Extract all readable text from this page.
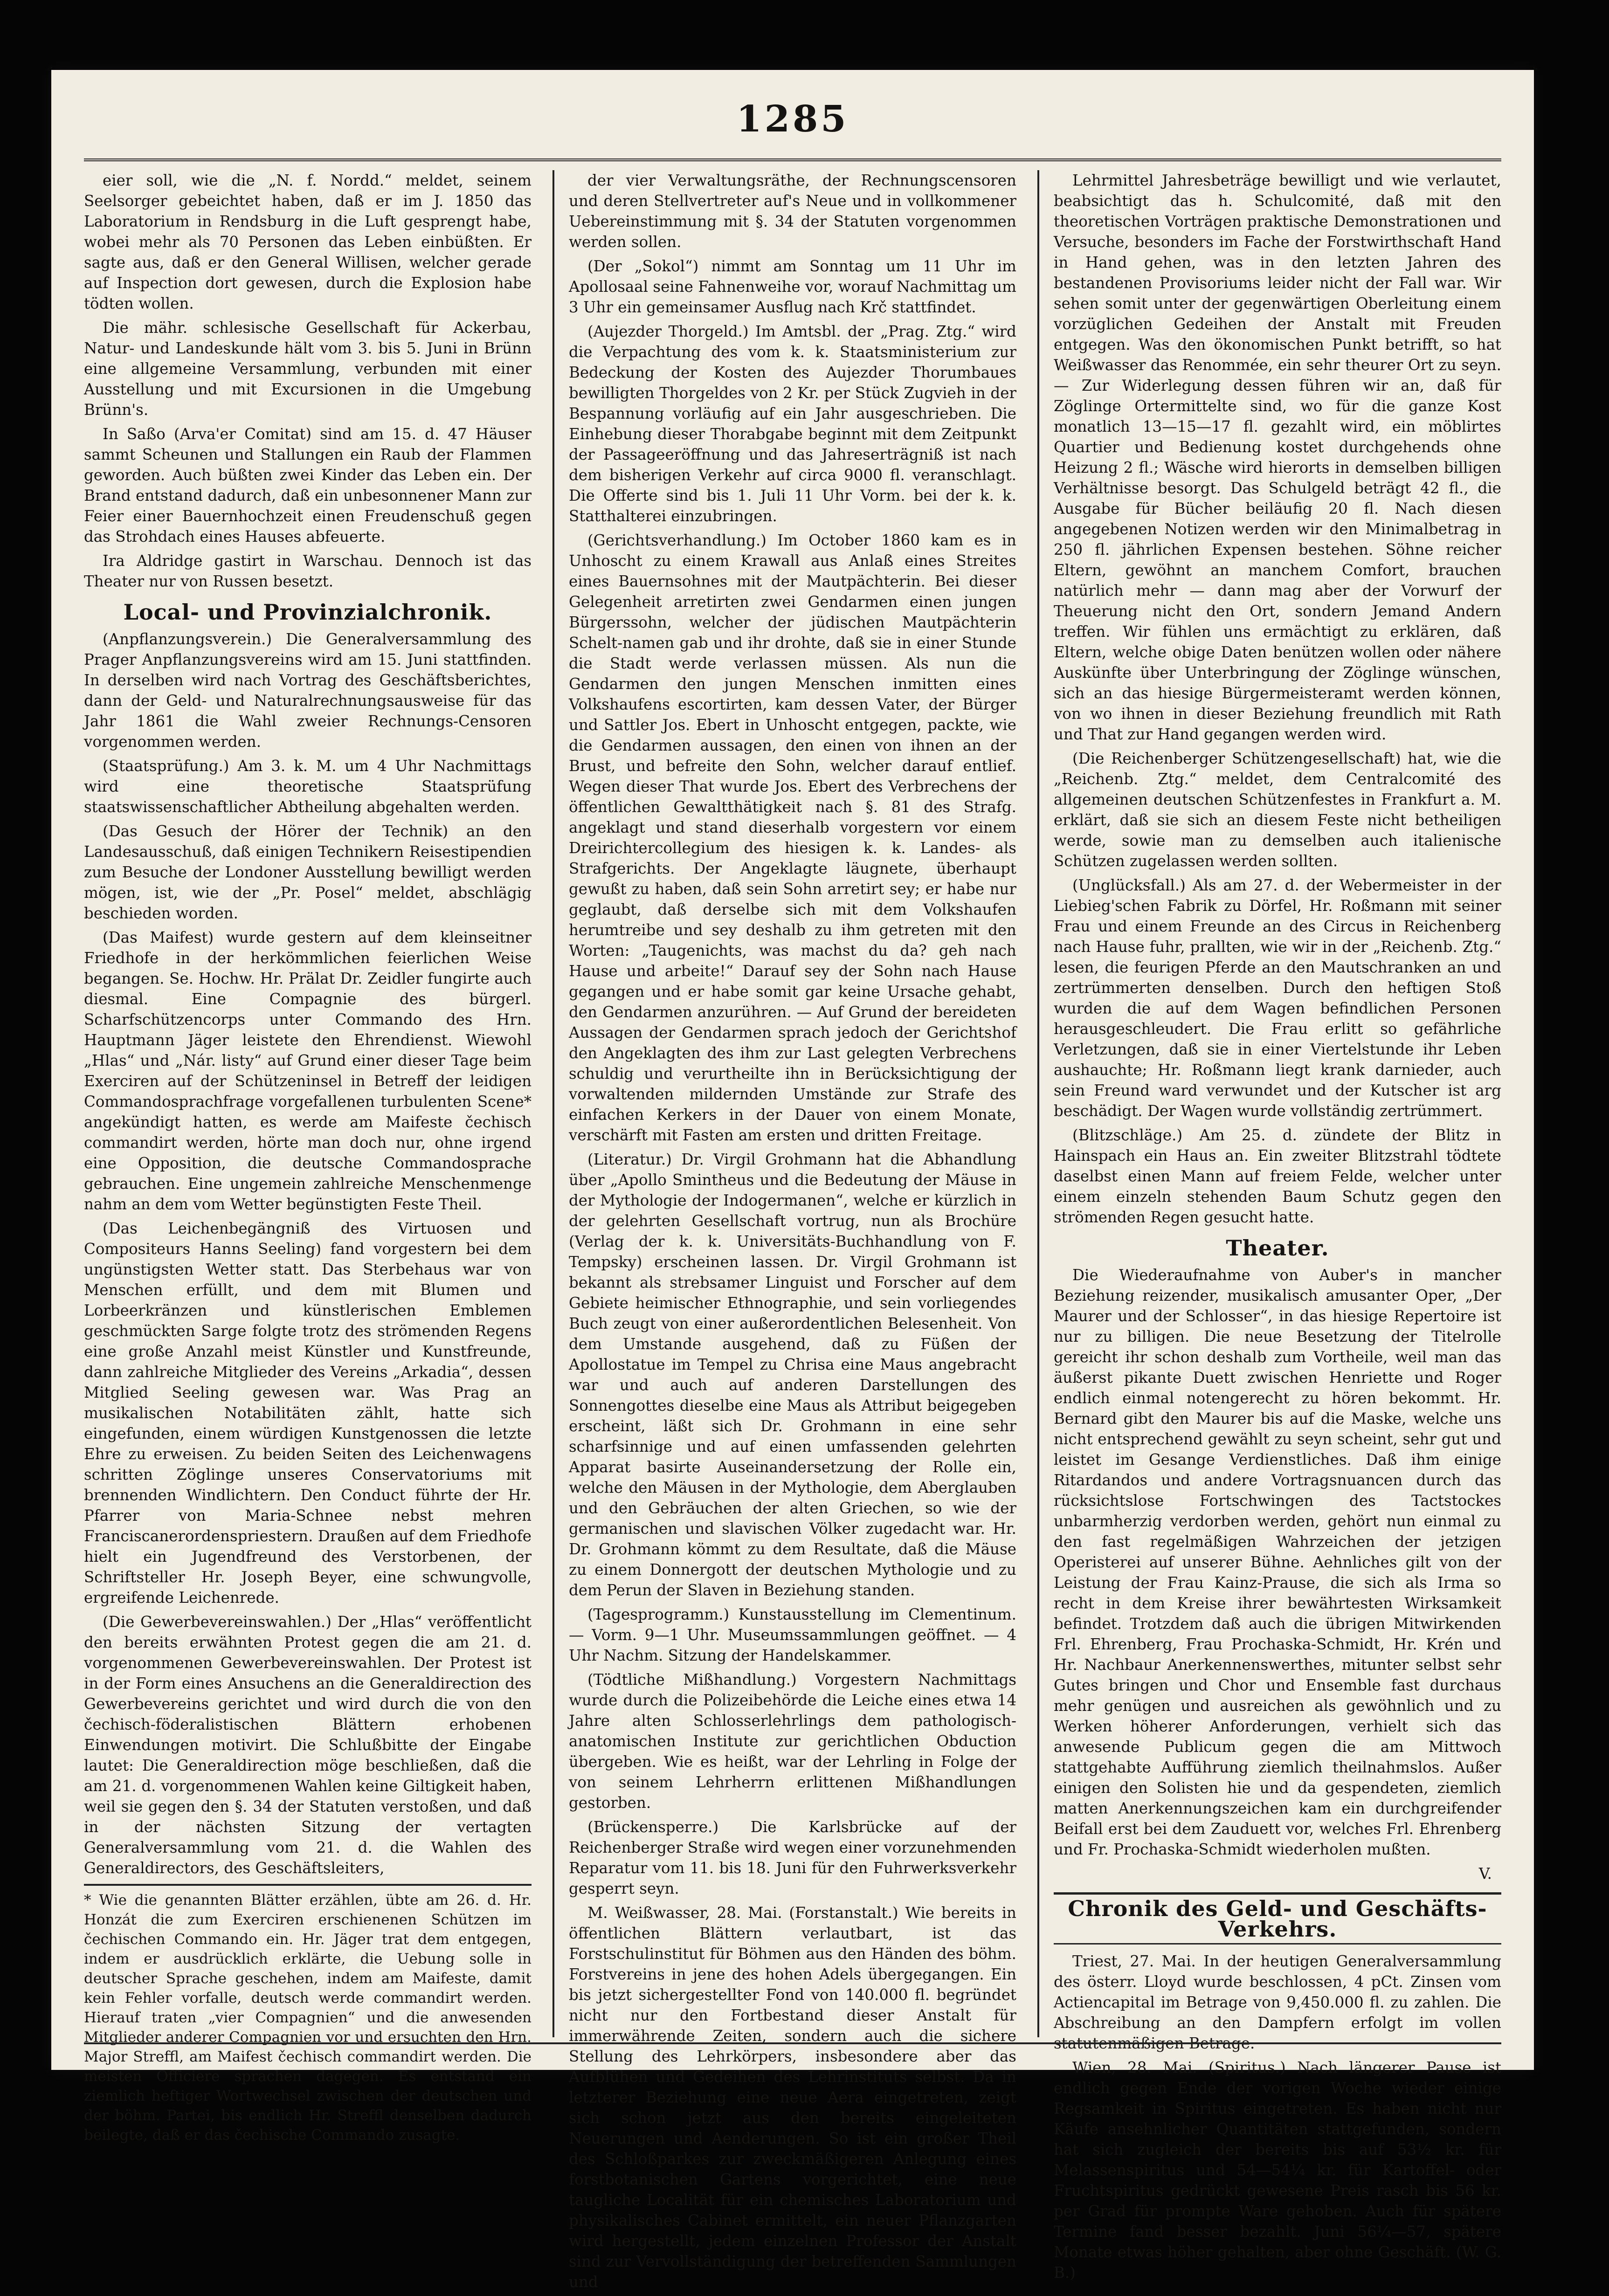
1285

eier soll, wie die „N. f. Nordd.“ meldet, seinem Seelsorger gebeichtet haben, daß er im J. 1850 das Laboratorium in Rendsburg in die Luft gesprengt habe, wobei mehr als 70 Personen das Leben einbüßten. Er sagte aus, daß er den General Willisen, welcher gerade auf Inspection dort gewesen, durch die Explosion habe tödten wollen.

Die mähr. schlesische Gesellschaft für Ackerbau, Natur- und Landeskunde hält vom 3. bis 5. Juni in Brünn eine allgemeine Versammlung, verbunden mit einer Ausstellung und mit Excursionen in die Umgebung Brünn's.

In Saßo (Arva'er Comitat) sind am 15. d. 47 Häuser sammt Scheunen und Stallungen ein Raub der Flammen geworden. Auch büßten zwei Kinder das Leben ein. Der Brand entstand dadurch, daß ein unbesonnener Mann zur Feier einer Bauernhochzeit einen Freudenschuß gegen das Strohdach eines Hauses abfeuerte.

Ira Aldridge gastirt in Warschau. Dennoch ist das Theater nur von Russen besetzt.

Local- und Provinzialchronik.

(Anpflanzungsverein.) Die Generalversammlung des Prager Anpflanzungsvereins wird am 15. Juni stattfinden. In derselben wird nach Vortrag des Geschäftsberichtes, dann der Geld- und Naturalrechnungsausweise für das Jahr 1861 die Wahl zweier Rechnungs-Censoren vorgenommen werden.

(Staatsprüfung.) Am 3. k. M. um 4 Uhr Nachmittags wird eine theoretische Staatsprüfung staatswissenschaftlicher Abtheilung abgehalten werden.

(Das Gesuch der Hörer der Technik) an den Landesausschuß, daß einigen Technikern Reisestipendien zum Besuche der Londoner Ausstellung bewilligt werden mögen, ist, wie der „Pr. Posel“ meldet, abschlägig beschieden worden.

(Das Maifest) wurde gestern auf dem kleinseitner Friedhofe in der herkömmlichen feierlichen Weise begangen. Se. Hochw. Hr. Prälat Dr. Zeidler fungirte auch diesmal. Eine Compagnie des bürgerl. Scharfschützencorps unter Commando des Hrn. Hauptmann Jäger leistete den Ehrendienst. Wiewohl „Hlas“ und „Nár. listy“ auf Grund einer dieser Tage beim Exerciren auf der Schützeninsel in Betreff der leidigen Commandosprachfrage vorgefallenen turbulenten Scene* angekündigt hatten, es werde am Maifeste čechisch commandirt werden, hörte man doch nur, ohne irgend eine Opposition, die deutsche Commandosprache gebrauchen. Eine ungemein zahlreiche Menschenmenge nahm an dem vom Wetter begünstigten Feste Theil.

(Das Leichenbegängniß des Virtuosen und Compositeurs Hanns Seeling) fand vorgestern bei dem ungünstigsten Wetter statt. Das Sterbehaus war von Menschen erfüllt, und dem mit Blumen und Lorbeerkränzen und künstlerischen Emblemen geschmückten Sarge folgte trotz des strömenden Regens eine große Anzahl meist Künstler und Kunstfreunde, dann zahlreiche Mitglieder des Vereins „Arkadia“, dessen Mitglied Seeling gewesen war. Was Prag an musikalischen Notabilitäten zählt, hatte sich eingefunden, einem würdigen Kunstgenossen die letzte Ehre zu erweisen. Zu beiden Seiten des Leichenwagens schritten Zöglinge unseres Conservatoriums mit brennenden Windlichtern. Den Conduct führte der Hr. Pfarrer von Maria-Schnee nebst mehren Franciscanerordenspriestern. Draußen auf dem Friedhofe hielt ein Jugendfreund des Verstorbenen, der Schriftsteller Hr. Joseph Beyer, eine schwungvolle, ergreifende Leichenrede.

(Die Gewerbevereinswahlen.) Der „Hlas“ veröffentlicht den bereits erwähnten Protest gegen die am 21. d. vorgenommenen Gewerbevereinswahlen. Der Protest ist in der Form eines Ansuchens an die Generaldirection des Gewerbevereins gerichtet und wird durch die von den čechisch-föderalistischen Blättern erhobenen Einwendungen motivirt. Die Schlußbitte der Eingabe lautet: Die Generaldirection möge beschließen, daß die am 21. d. vorgenommenen Wahlen keine Giltigkeit haben, weil sie gegen den §. 34 der Statuten verstoßen, und daß in der nächsten Sitzung der vertagten Generalversammlung vom 21. d. die Wahlen des Generaldirectors, des Geschäftsleiters,

* Wie die genannten Blätter erzählen, übte am 26. d. Hr. Honzát die zum Exerciren erschienenen Schützen im čechischen Commando ein. Hr. Jäger trat dem entgegen, indem er ausdrücklich erklärte, die Uebung solle in deutscher Sprache geschehen, indem am Maifeste, damit kein Fehler vorfalle, deutsch werde commandirt werden. Hierauf traten „vier Compagnien“ und die anwesenden Mitglieder anderer Compagnien vor und ersuchten den Hrn. Major Streffl, am Maifest čechisch commandirt werden. Die meisten Officiere sprachen dagegen. Es entstand ein ziemlich heftiger Wortwechsel zwischen der deutschen und der böhm. Partei, bis endlich Hr. Streffl denselben dadurch beilegte, daß er das čechische Commando zusagte.

der vier Verwaltungsräthe, der Rechnungscensoren und deren Stellvertreter auf's Neue und in vollkommener Uebereinstimmung mit §. 34 der Statuten vorgenommen werden sollen.

(Der „Sokol“) nimmt am Sonntag um 11 Uhr im Apollosaal seine Fahnenweihe vor, worauf Nachmittag um 3 Uhr ein gemeinsamer Ausflug nach Krč stattfindet.

(Aujezder Thorgeld.) Im Amtsbl. der „Prag. Ztg.“ wird die Verpachtung des vom k. k. Staatsministerium zur Bedeckung der Kosten des Aujezder Thorumbaues bewilligten Thorgeldes von 2 Kr. per Stück Zugvieh in der Bespannung vorläufig auf ein Jahr ausgeschrieben. Die Einhebung dieser Thorabgabe beginnt mit dem Zeitpunkt der Passageeröffnung und das Jahreserträgniß ist nach dem bisherigen Verkehr auf circa 9000 fl. veranschlagt. Die Offerte sind bis 1. Juli 11 Uhr Vorm. bei der k. k. Statthalterei einzubringen.

(Gerichtsverhandlung.) Im October 1860 kam es in Unhoscht zu einem Krawall aus Anlaß eines Streites eines Bauernsohnes mit der Mautpächterin. Bei dieser Gelegenheit arretirten zwei Gendarmen einen jungen Bürgerssohn, welcher der jüdischen Mautpächterin Schelt-namen gab und ihr drohte, daß sie in einer Stunde die Stadt werde verlassen müssen. Als nun die Gendarmen den jungen Menschen inmitten eines Volkshaufens escortirten, kam dessen Vater, der Bürger und Sattler Jos. Ebert in Unhoscht entgegen, packte, wie die Gendarmen aussagen, den einen von ihnen an der Brust, und befreite den Sohn, welcher darauf entlief. Wegen dieser That wurde Jos. Ebert des Verbrechens der öffentlichen Gewaltthätigkeit nach §. 81 des Strafg. angeklagt und stand dieserhalb vorgestern vor einem Dreirichtercollegium des hiesigen k. k. Landes- als Strafgerichts. Der Angeklagte läugnete, überhaupt gewußt zu haben, daß sein Sohn arretirt sey; er habe nur geglaubt, daß derselbe sich mit dem Volkshaufen herumtreibe und sey deshalb zu ihm getreten mit den Worten: „Taugenichts, was machst du da? geh nach Hause und arbeite!“ Darauf sey der Sohn nach Hause gegangen und er habe somit gar keine Ursache gehabt, den Gendarmen anzurühren. — Auf Grund der bereideten Aussagen der Gendarmen sprach jedoch der Gerichtshof den Angeklagten des ihm zur Last gelegten Verbrechens schuldig und verurtheilte ihn in Berücksichtigung der vorwaltenden mildernden Umstände zur Strafe des einfachen Kerkers in der Dauer von einem Monate, verschärft mit Fasten am ersten und dritten Freitage.

(Literatur.) Dr. Virgil Grohmann hat die Abhandlung über „Apollo Smintheus und die Bedeutung der Mäuse in der Mythologie der Indogermanen“, welche er kürzlich in der gelehrten Gesellschaft vortrug, nun als Brochüre (Verlag der k. k. Universitäts-Buchhandlung von F. Tempsky) erscheinen lassen. Dr. Virgil Grohmann ist bekannt als strebsamer Linguist und Forscher auf dem Gebiete heimischer Ethnographie, und sein vorliegendes Buch zeugt von einer außerordentlichen Belesenheit. Von dem Umstande ausgehend, daß zu Füßen der Apollostatue im Tempel zu Chrisa eine Maus angebracht war und auch auf anderen Darstellungen des Sonnengottes dieselbe eine Maus als Attribut beigegeben erscheint, läßt sich Dr. Grohmann in eine sehr scharfsinnige und auf einen umfassenden gelehrten Apparat basirte Auseinandersetzung der Rolle ein, welche den Mäusen in der Mythologie, dem Aberglauben und den Gebräuchen der alten Griechen, so wie der germanischen und slavischen Völker zugedacht war. Hr. Dr. Grohmann kömmt zu dem Resultate, daß die Mäuse zu einem Donnergott der deutschen Mythologie und zu dem Perun der Slaven in Beziehung standen.

(Tagesprogramm.) Kunstausstellung im Clementinum. — Vorm. 9—1 Uhr. Museumssammlungen geöffnet. — 4 Uhr Nachm. Sitzung der Handelskammer.

(Tödtliche Mißhandlung.) Vorgestern Nachmittags wurde durch die Polizeibehörde die Leiche eines etwa 14 Jahre alten Schlosserlehrlings dem pathologisch-anatomischen Institute zur gerichtlichen Obduction übergeben. Wie es heißt, war der Lehrling in Folge der von seinem Lehrherrn erlittenen Mißhandlungen gestorben.

(Brückensperre.) Die Karlsbrücke auf der Reichenberger Straße wird wegen einer vorzunehmenden Reparatur vom 11. bis 18. Juni für den Fuhrwerksverkehr gesperrt seyn.

M. Weißwasser, 28. Mai. (Forstanstalt.) Wie bereits in öffentlichen Blättern verlautbart, ist das Forstschulinstitut für Böhmen aus den Händen des böhm. Forstvereins in jene des hohen Adels übergegangen. Ein bis jetzt sichergestellter Fond von 140.000 fl. begründet nicht nur den Fortbestand dieser Anstalt für immerwährende Zeiten, sondern auch die sichere Stellung des Lehrkörpers, insbesondere aber das Aufblühen und Gedeihen des Lehrinstituts selbst. Da in letzterer Beziehung eine neue Aera eingetreten, zeigt sich schon jetzt aus den bereits eingeleiteten Neuerungen und Aenderungen. So ist ein großer Theil des Schloßparkes zur zweckmäßigeren Anlegung eines forstbotanischen Gartens vorgerichtet, eine neue taugliche Localität für ein chemisches Laboratorium und physikalisches Cabinet ermittelt, ein neuer Pflanzgarten wird hergestellt, jedem einzelnen Professor der Anstalt sind zur Vervollständigung der betreffenden Sammlungen und

Lehrmittel Jahresbeträge bewilligt und wie verlautet, beabsichtigt das h. Schulcomité, daß mit den theoretischen Vorträgen praktische Demonstrationen und Versuche, besonders im Fache der Forstwirthschaft Hand in Hand gehen, was in den letzten Jahren des bestandenen Provisoriums leider nicht der Fall war. Wir sehen somit unter der gegenwärtigen Oberleitung einem vorzüglichen Gedeihen der Anstalt mit Freuden entgegen. Was den ökonomischen Punkt betrifft, so hat Weißwasser das Renommée, ein sehr theurer Ort zu seyn. — Zur Widerlegung dessen führen wir an, daß für Zöglinge Ortermittelte sind, wo für die ganze Kost monatlich 13—15—17 fl. gezahlt wird, ein möblirtes Quartier und Bedienung kostet durchgehends ohne Heizung 2 fl.; Wäsche wird hierorts in demselben billigen Verhältnisse besorgt. Das Schulgeld beträgt 42 fl., die Ausgabe für Bücher beiläufig 20 fl. Nach diesen angegebenen Notizen werden wir den Minimalbetrag in 250 fl. jährlichen Expensen bestehen. Söhne reicher Eltern, gewöhnt an manchem Comfort, brauchen natürlich mehr — dann mag aber der Vorwurf der Theuerung nicht den Ort, sondern Jemand Andern treffen. Wir fühlen uns ermächtigt zu erklären, daß Eltern, welche obige Daten benützen wollen oder nähere Auskünfte über Unterbringung der Zöglinge wünschen, sich an das hiesige Bürgermeisteramt werden können, von wo ihnen in dieser Beziehung freundlich mit Rath und That zur Hand gegangen werden wird.

(Die Reichenberger Schützengesellschaft) hat, wie die „Reichenb. Ztg.“ meldet, dem Centralcomité des allgemeinen deutschen Schützenfestes in Frankfurt a. M. erklärt, daß sie sich an diesem Feste nicht betheiligen werde, sowie man zu demselben auch italienische Schützen zugelassen werden sollten.

(Unglücksfall.) Als am 27. d. der Webermeister in der Liebieg'schen Fabrik zu Dörfel, Hr. Roßmann mit seiner Frau und einem Freunde an des Circus in Reichenberg nach Hause fuhr, prallten, wie wir in der „Reichenb. Ztg.“ lesen, die feurigen Pferde an den Mautschranken an und zertrümmerten denselben. Durch den heftigen Stoß wurden die auf dem Wagen befindlichen Personen herausgeschleudert. Die Frau erlitt so gefährliche Verletzungen, daß sie in einer Viertelstunde ihr Leben aushauchte; Hr. Roßmann liegt krank darnieder, auch sein Freund ward verwundet und der Kutscher ist arg beschädigt. Der Wagen wurde vollständig zertrümmert.

(Blitzschläge.) Am 25. d. zündete der Blitz in Hainspach ein Haus an. Ein zweiter Blitzstrahl tödtete daselbst einen Mann auf freiem Felde, welcher unter einem einzeln stehenden Baum Schutz gegen den strömenden Regen gesucht hatte.

Theater.

Die Wiederaufnahme von Auber's in mancher Beziehung reizender, musikalisch amusanter Oper, „Der Maurer und der Schlosser“, in das hiesige Repertoire ist nur zu billigen. Die neue Besetzung der Titelrolle gereicht ihr schon deshalb zum Vortheile, weil man das äußerst pikante Duett zwischen Henriette und Roger endlich einmal notengerecht zu hören bekommt. Hr. Bernard gibt den Maurer bis auf die Maske, welche uns nicht entsprechend gewählt zu seyn scheint, sehr gut und leistet im Gesange Verdienstliches. Daß ihm einige Ritardandos und andere Vortragsnuancen durch das rücksichtslose Fortschwingen des Tactstockes unbarmherzig verdorben werden, gehört nun einmal zu den fast regelmäßigen Wahrzeichen der jetzigen Operisterei auf unserer Bühne. Aehnliches gilt von der Leistung der Frau Kainz-Prause, die sich als Irma so recht in dem Kreise ihrer bewährtesten Wirksamkeit befindet. Trotzdem daß auch die übrigen Mitwirkenden Frl. Ehrenberg, Frau Prochaska-Schmidt, Hr. Krén und Hr. Nachbaur Anerkennenswerthes, mitunter selbst sehr Gutes bringen und Chor und Ensemble fast durchaus mehr genügen und ausreichen als gewöhnlich und zu Werken höherer Anforderungen, verhielt sich das anwesende Publicum gegen die am Mittwoch stattgehabte Aufführung ziemlich theilnahmslos. Außer einigen den Solisten hie und da gespendeten, ziemlich matten Anerkennungszeichen kam ein durchgreifender Beifall erst bei dem Zauduett vor, welches Frl. Ehrenberg und Fr. Prochaska-Schmidt wiederholen mußten.

V.
Chronik des Geld- und Geschäfts-Verkehrs.

Triest, 27. Mai. In der heutigen Generalversammlung des österr. Lloyd wurde beschlossen, 4 pCt. Zinsen vom Actiencapital im Betrage von 9,450.000 fl. zu zahlen. Die Abschreibung an den Dampfern erfolgt im vollen statutenmäßigen Betrage.

Wien, 28. Mai. (Spiritus.) Nach längerer Pause ist endlich gegen Ende der vorigen Woche wieder einige Regsamkeit in Spiritus eingetreten. Es haben nicht nur Käufe ansehnlicher Quantitäten stattgefunden, sondern hat sich zugleich der bereits bis auf 53½ kr. für Melassenspiritus und 54—54¼ kr. für Kartoffel- oder Fruchtspiritus gedrückt gewesene Preis rasch bis 56 kr. per Grad für prompte Ware gehoben. Auch für spätere Termine fand besser bezahlt. Juni 56¼—57, spätere Monate etwas höher gehalten, aber ohne Geschäft. (W. G. B.)
